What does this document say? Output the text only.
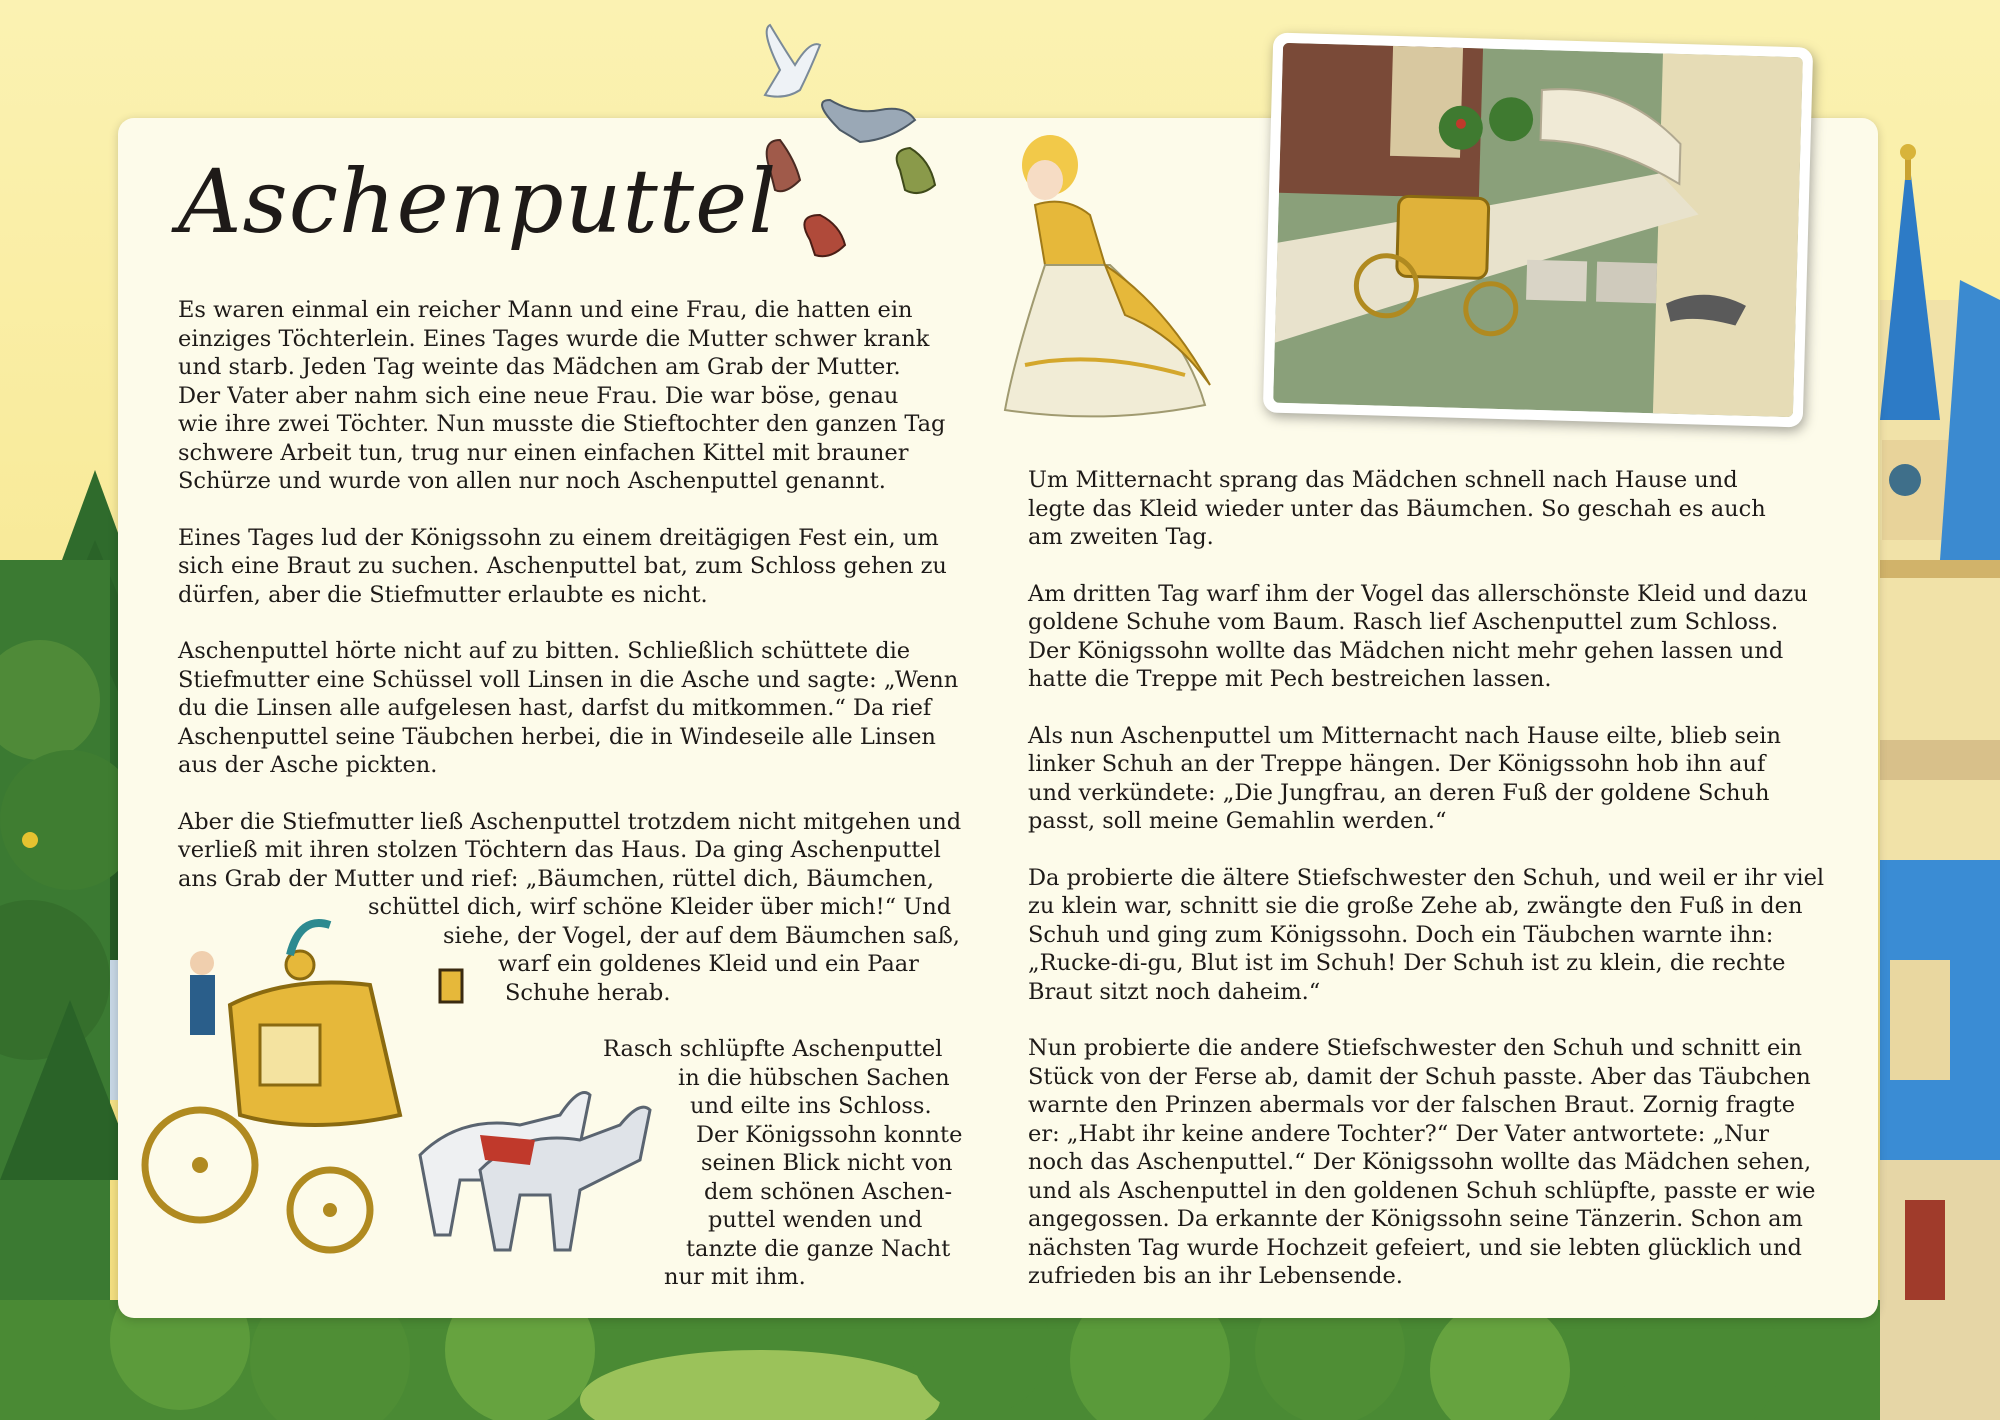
Aschenputtel

Es waren einmal ein reicher Mann und eine Frau, die hatten ein
einziges Töchterlein. Eines Tages wurde die Mutter schwer krank
und starb. Jeden Tag weinte das Mädchen am Grab der Mutter.
Der Vater aber nahm sich eine neue Frau. Die war böse, genau
wie ihre zwei Töchter. Nun musste die Stieftochter den ganzen Tag
schwere Arbeit tun, trug nur einen einfachen Kittel mit brauner
Schürze und wurde von allen nur noch Aschenputtel genannt.

Eines Tages lud der Königssohn zu einem dreitägigen Fest ein, um
sich eine Braut zu suchen. Aschenputtel bat, zum Schloss gehen zu
dürfen, aber die Stiefmutter erlaubte es nicht.

Aschenputtel hörte nicht auf zu bitten. Schließlich schüttete die
Stiefmutter eine Schüssel voll Linsen in die Asche und sagte: „Wenn
du die Linsen alle aufgelesen hast, darfst du mitkommen.“ Da rief
Aschenputtel seine Täubchen herbei, die in Windeseile alle Linsen
aus der Asche pickten.

Aber die Stiefmutter ließ Aschenputtel trotzdem nicht mitgehen und
verließ mit ihren stolzen Töchtern das Haus. Da ging Aschenputtel
ans Grab der Mutter und rief: „Bäumchen, rüttel dich, Bäumchen,
schüttel dich, wirf schöne Kleider über mich!“ Und
siehe, der Vogel, der auf dem Bäumchen saß,
warf ein goldenes Kleid und ein Paar
Schuhe herab.

Rasch schlüpfte Aschenputtel
in die hübschen Sachen
und eilte ins Schloss.
Der Königssohn konnte
seinen Blick nicht von
dem schönen Aschen-
puttel wenden und
tanzte die ganze Nacht
nur mit ihm.

Um Mitternacht sprang das Mädchen schnell nach Hause und
legte das Kleid wieder unter das Bäumchen. So geschah es auch
am zweiten Tag.

Am dritten Tag warf ihm der Vogel das allerschönste Kleid und dazu
goldene Schuhe vom Baum. Rasch lief Aschenputtel zum Schloss.
Der Königssohn wollte das Mädchen nicht mehr gehen lassen und
hatte die Treppe mit Pech bestreichen lassen.

Als nun Aschenputtel um Mitternacht nach Hause eilte, blieb sein
linker Schuh an der Treppe hängen. Der Königssohn hob ihn auf
und verkündete: „Die Jungfrau, an deren Fuß der goldene Schuh
passt, soll meine Gemahlin werden.“

Da probierte die ältere Stiefschwester den Schuh, und weil er ihr viel
zu klein war, schnitt sie die große Zehe ab, zwängte den Fuß in den
Schuh und ging zum Königssohn. Doch ein Täubchen warnte ihn:
„Rucke-di-gu, Blut ist im Schuh! Der Schuh ist zu klein, die rechte
Braut sitzt noch daheim.“

Nun probierte die andere Stiefschwester den Schuh und schnitt ein
Stück von der Ferse ab, damit der Schuh passte. Aber das Täubchen
warnte den Prinzen abermals vor der falschen Braut. Zornig fragte
er: „Habt ihr keine andere Tochter?“ Der Vater antwortete: „Nur
noch das Aschenputtel.“ Der Königssohn wollte das Mädchen sehen,
und als Aschenputtel in den goldenen Schuh schlüpfte, passte er wie
angegossen. Da erkannte der Königssohn seine Tänzerin. Schon am
nächsten Tag wurde Hochzeit gefeiert, und sie lebten glücklich und
zufrieden bis an ihr Lebensende.
